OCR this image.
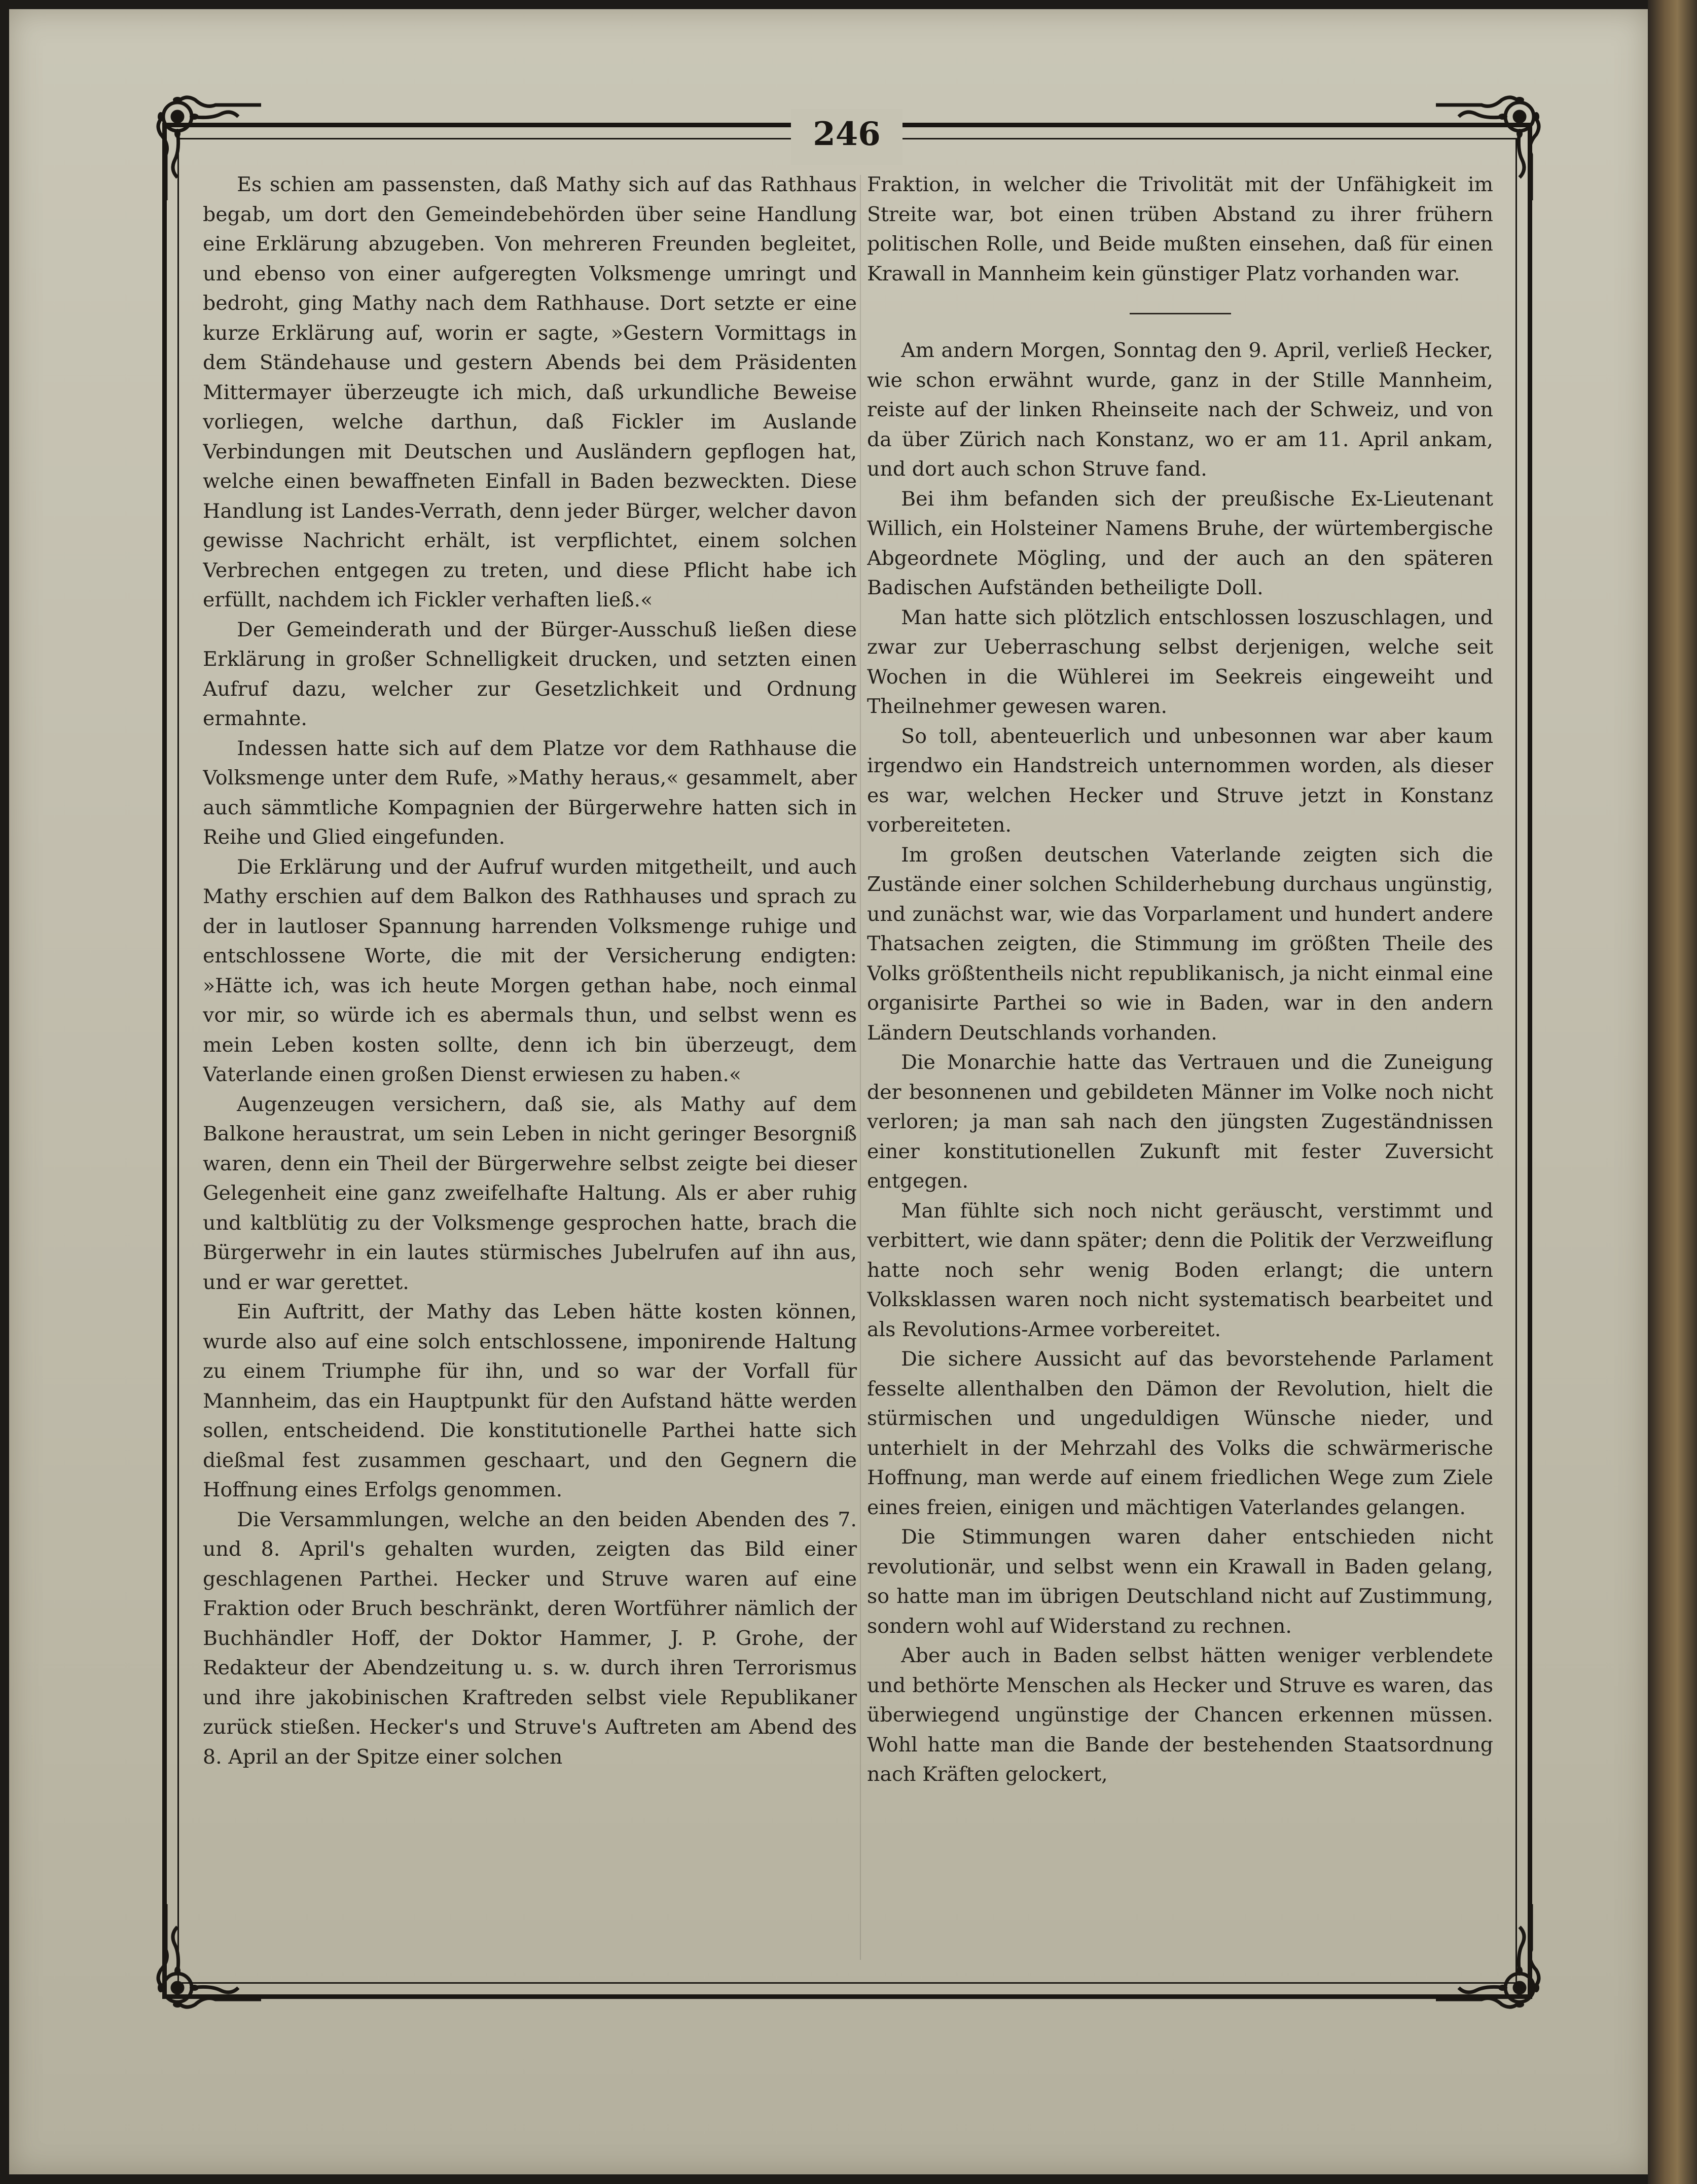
246

Es schien am passensten, daß Mathy sich auf das Rathhaus begab, um dort den Gemeindebehörden über seine Handlung eine Erklärung abzugeben. Von mehreren Freunden begleitet, und ebenso von einer aufgeregten Volksmenge umringt und bedroht, ging Mathy nach dem Rathhause. Dort setzte er eine kurze Erklärung auf, worin er sagte, »Gestern Vormittags in dem Ständehause und gestern Abends bei dem Präsidenten Mittermayer überzeugte ich mich, daß urkundliche Beweise vorliegen, welche darthun, daß Fickler im Auslande Verbindungen mit Deutschen und Ausländern gepflogen hat, welche einen bewaffneten Einfall in Baden bezweckten. Diese Handlung ist Landes-Verrath, denn jeder Bürger, welcher davon gewisse Nachricht erhält, ist verpflichtet, einem solchen Verbrechen entgegen zu treten, und diese Pflicht habe ich erfüllt, nachdem ich Fickler verhaften ließ.«

Der Gemeinderath und der Bürger-Ausschuß ließen diese Erklärung in großer Schnelligkeit drucken, und setzten einen Aufruf dazu, welcher zur Gesetzlichkeit und Ordnung ermahnte.

Indessen hatte sich auf dem Platze vor dem Rathhause die Volksmenge unter dem Rufe, »Mathy heraus,« gesammelt, aber auch sämmtliche Kompagnien der Bürgerwehre hatten sich in Reihe und Glied eingefunden.

Die Erklärung und der Aufruf wurden mitgetheilt, und auch Mathy erschien auf dem Balkon des Rathhauses und sprach zu der in lautloser Spannung harrenden Volksmenge ruhige und entschlossene Worte, die mit der Versicherung endigten: »Hätte ich, was ich heute Morgen gethan habe, noch einmal vor mir, so würde ich es abermals thun, und selbst wenn es mein Leben kosten sollte, denn ich bin überzeugt, dem Vaterlande einen großen Dienst erwiesen zu haben.«

Augenzeugen versichern, daß sie, als Mathy auf dem Balkone heraustrat, um sein Leben in nicht geringer Besorgniß waren, denn ein Theil der Bürgerwehre selbst zeigte bei dieser Gelegenheit eine ganz zweifelhafte Haltung. Als er aber ruhig und kaltblütig zu der Volksmenge gesprochen hatte, brach die Bürgerwehr in ein lautes stürmisches Jubelrufen auf ihn aus, und er war gerettet.

Ein Auftritt, der Mathy das Leben hätte kosten können, wurde also auf eine solch entschlossene, imponirende Haltung zu einem Triumphe für ihn, und so war der Vorfall für Mannheim, das ein Hauptpunkt für den Aufstand hätte werden sollen, entscheidend. Die konstitutionelle Parthei hatte sich dießmal fest zusammen geschaart, und den Gegnern die Hoffnung eines Erfolgs genommen.

Die Versammlungen, welche an den beiden Abenden des 7. und 8. April's gehalten wurden, zeigten das Bild einer geschlagenen Parthei. Hecker und Struve waren auf eine Fraktion oder Bruch beschränkt, deren Wortführer nämlich der Buchhändler Hoff, der Doktor Hammer, J. P. Grohe, der Redakteur der Abendzeitung u. s. w. durch ihren Terrorismus und ihre jakobinischen Kraftreden selbst viele Republikaner zurück stießen. Hecker's und Struve's Auftreten am Abend des 8. April an der Spitze einer solchen

Fraktion, in welcher die Trivolität mit der Unfähigkeit im Streite war, bot einen trüben Abstand zu ihrer frühern politischen Rolle, und Beide mußten einsehen, daß für einen Krawall in Mannheim kein günstiger Platz vorhanden war.

Am andern Morgen, Sonntag den 9. April, verließ Hecker, wie schon erwähnt wurde, ganz in der Stille Mannheim, reiste auf der linken Rheinseite nach der Schweiz, und von da über Zürich nach Konstanz, wo er am 11. April ankam, und dort auch schon Struve fand.

Bei ihm befanden sich der preußische Ex-Lieutenant Willich, ein Holsteiner Namens Bruhe, der würtembergische Abgeordnete Mögling, und der auch an den späteren Badischen Aufständen betheiligte Doll.

Man hatte sich plötzlich entschlossen loszuschlagen, und zwar zur Ueberraschung selbst derjenigen, welche seit Wochen in die Wühlerei im Seekreis eingeweiht und Theilnehmer gewesen waren.

So toll, abenteuerlich und unbesonnen war aber kaum irgendwo ein Handstreich unternommen worden, als dieser es war, welchen Hecker und Struve jetzt in Konstanz vorbereiteten.

Im großen deutschen Vaterlande zeigten sich die Zustände einer solchen Schilderhebung durchaus ungünstig, und zunächst war, wie das Vorparlament und hundert andere Thatsachen zeigten, die Stimmung im größten Theile des Volks größtentheils nicht republikanisch, ja nicht einmal eine organisirte Parthei so wie in Baden, war in den andern Ländern Deutschlands vorhanden.

Die Monarchie hatte das Vertrauen und die Zuneigung der besonnenen und gebildeten Männer im Volke noch nicht verloren; ja man sah nach den jüngsten Zugeständnissen einer konstitutionellen Zukunft mit fester Zuversicht entgegen.

Man fühlte sich noch nicht geräuscht, verstimmt und verbittert, wie dann später; denn die Politik der Verzweiflung hatte noch sehr wenig Boden erlangt; die untern Volksklassen waren noch nicht systematisch bearbeitet und als Revolutions-Armee vorbereitet.

Die sichere Aussicht auf das bevorstehende Parlament fesselte allenthalben den Dämon der Revolution, hielt die stürmischen und ungeduldigen Wünsche nieder, und unterhielt in der Mehrzahl des Volks die schwärmerische Hoffnung, man werde auf einem friedlichen Wege zum Ziele eines freien, einigen und mächtigen Vaterlandes gelangen.

Die Stimmungen waren daher entschieden nicht revolutionär, und selbst wenn ein Krawall in Baden gelang, so hatte man im übrigen Deutschland nicht auf Zustimmung, sondern wohl auf Widerstand zu rechnen.

Aber auch in Baden selbst hätten weniger verblendete und bethörte Menschen als Hecker und Struve es waren, das überwiegend ungünstige der Chancen erkennen müssen. Wohl hatte man die Bande der bestehenden Staatsordnung nach Kräften gelockert,
